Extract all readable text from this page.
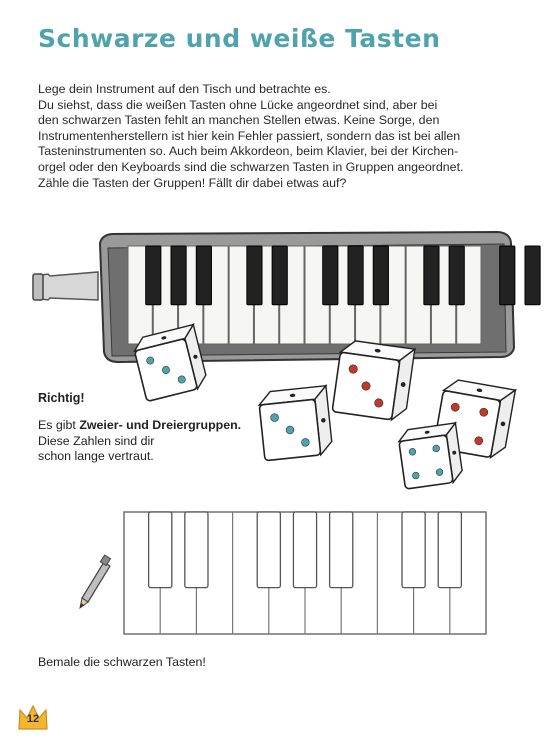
Schwarze und weiße Tasten

Lege dein Instrument auf den Tisch und betrachte es.

Du siehst, dass die weißen Tasten ohne Lücke angeordnet sind, aber bei

den schwarzen Tasten fehlt an manchen Stellen etwas. Keine Sorge, den

Instrumentenherstellern ist hier kein Fehler passiert, sondern das ist bei allen

Tasteninstrumenten so. Auch beim Akkordeon, beim Klavier, bei der Kirchen-

orgel oder den Keyboards sind die schwarzen Tasten in Gruppen angeordnet.

Zähle die Tasten der Gruppen! Fällt dir dabei etwas auf?

Richtig!

Es gibt Zweier- und Dreiergruppen.

Diese Zahlen sind dir

schon lange vertraut.

Bemale die schwarzen Tasten!
12
